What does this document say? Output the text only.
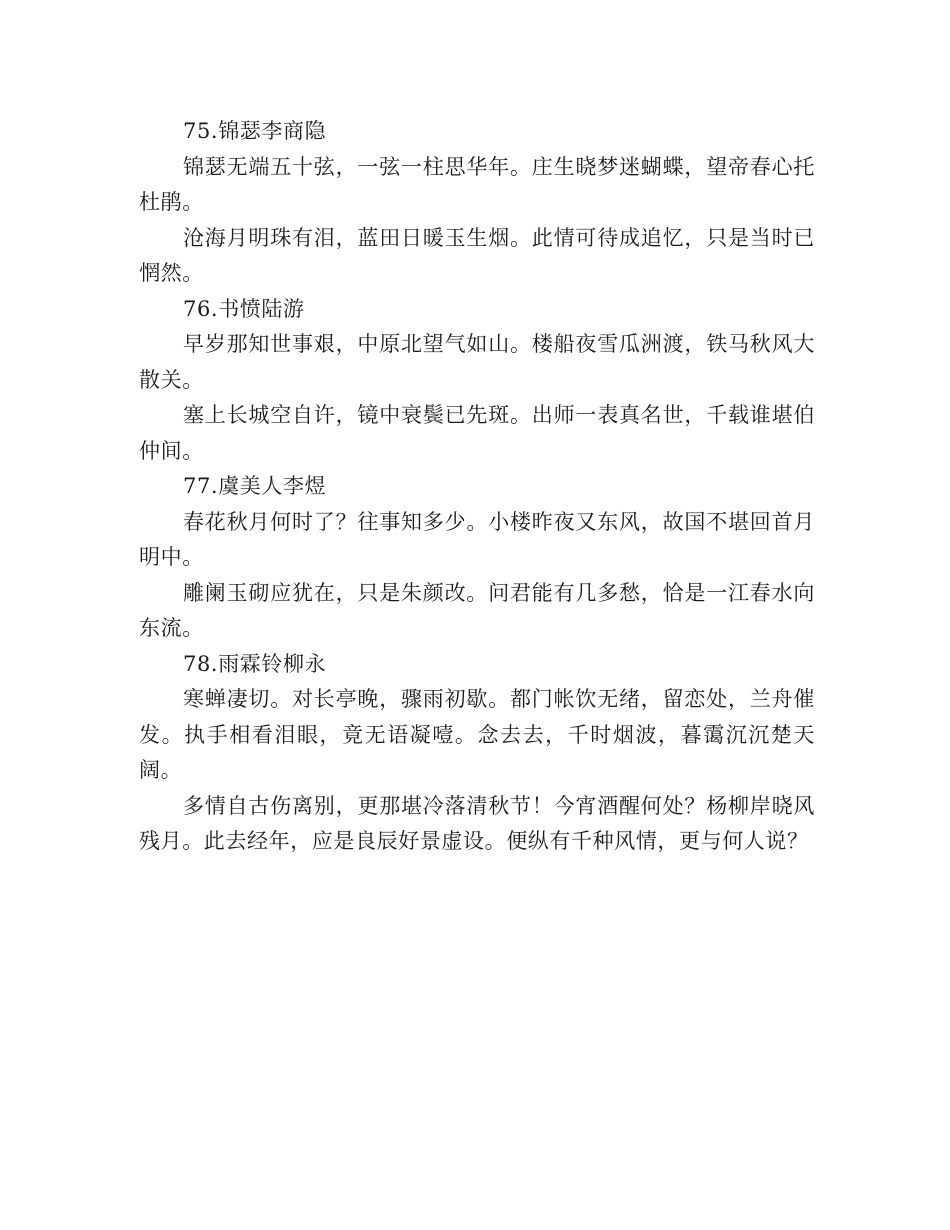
75.锦瑟李商隐

锦瑟无端五十弦，一弦一柱思华年。庄生晓梦迷蝴蝶，望帝春心托杜鹃。

沧海月明珠有泪，蓝田日暖玉生烟。此情可待成追忆，只是当时已惘然。

76.书愤陆游

早岁那知世事艰，中原北望气如山。楼船夜雪瓜洲渡，铁马秋风大散关。

塞上长城空自许，镜中衰鬓已先斑。出师一表真名世，千载谁堪伯仲间。

77.虞美人李煜

春花秋月何时了？往事知多少。小楼昨夜又东风，故国不堪回首月明中。

雕阑玉砌应犹在，只是朱颜改。问君能有几多愁，恰是一江春水向东流。

78.雨霖铃柳永

寒蝉凄切。对长亭晚，骤雨初歇。都门帐饮无绪，留恋处，兰舟催发。执手相看泪眼，竟无语凝噎。念去去，千时烟波，暮霭沉沉楚天阔。

多情自古伤离别，更那堪冷落清秋节！今宵酒醒何处？杨柳岸晓风残月。此去经年，应是良辰好景虚设。便纵有千种风情，更与何人说？
